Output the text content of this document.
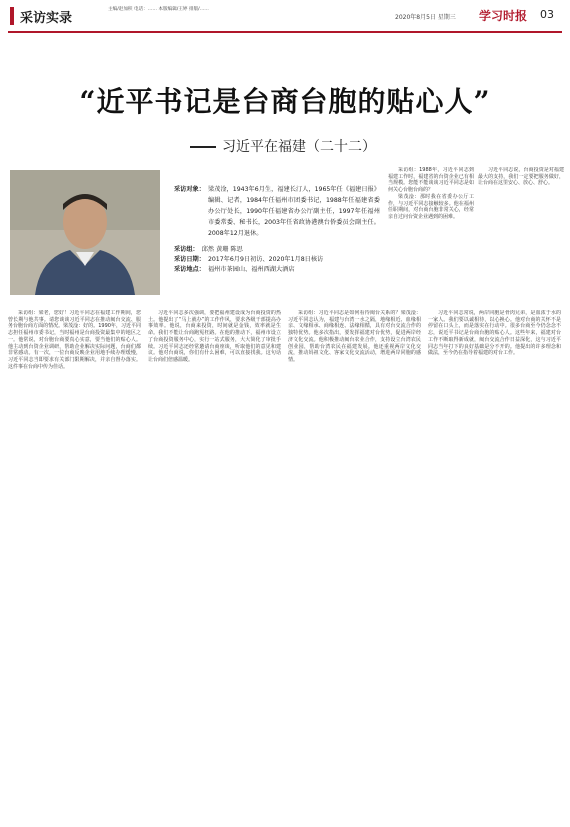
采访实录
主编/赵加积 电话：…… 本版编辑/王婷 排版/……
2020年8月5日 星期三 学习时报 03
“近平书记是台商台胞的贴心人”
习近平在福建（二十二）
采访对象： 梁茂淦，1943年6月生，福建长汀人，1965年任《福建日报》编辑、记者，1984年任福州市团委书记，1988年任福建省委办公厅处长，1990年任福建省办公厅副主任，1997年任福州市委常委、秘书长，2003年任省政协港澳台侨委员会副主任。2008年12月退休。
采访组： 邱然 黄珊 陈思
采访日期： 2017年6月9日初访、2020年1月8日核访
采访地点： 福州市茶园山、福州西湖大酒店

采访组：1988年，习近平同志到福建工作时，福建省的台资企业已有相当规模。您能不能谈谈习近平同志是如何关心台胞台商的？

梁茂淦：那时我在省委办公厅工作，与习近平同志接触较多。他在福州任职期间，对台商台胞非常关心，经常亲自过问台资企业遇到的困难。

习近平同志说，台商投资是对福建最大的支持，我们一定要把服务做好，让台商在这里安心、放心、舒心。

采访组：梁老，您好！习近平同志在福建工作期间，您曾长期与他共事。请您谈谈习近平同志在推动闽台交流、服务台胞台商方面的情况。梁茂淦：好的。1990年，习近平同志担任福州市委书记，当时福州是台商投资最集中的地区之一。他常说，对台胞台商要真心实意，要当他们的贴心人。他主动到台资企业调研，帮助企业解决实际问题，台商们都非常感动。有一次，一位台商反映企业用地手续办理缓慢，习近平同志当即要求有关部门限期解决，并亲自督办落实。这件事在台商中传为佳话。

习近平同志多次强调，要把福州建设成为台商投资的热土。他提出了“马上就办”的工作作风，要求各级干部提高办事效率。他说，台商来投资，时间就是金钱，效率就是生命。我们不能让台商跑冤枉路。在他的推动下，福州市设立了台商投资服务中心，实行一站式服务，大大简化了审批手续。习近平同志还经常邀请台商座谈，听取他们的意见和建议。他对台商说，你们有什么困难，可以直接找我。这句话让台商们倍感温暖。

采访组：习近平同志是如何看待闽台关系的？梁茂淦：习近平同志认为，福建与台湾一水之隔，地缘相近、血缘相亲、文缘相承、商缘相连、法缘相循，具有对台交流合作的独特优势。他多次指出，要发挥福建对台优势，促进两岸经济文化交流。他积极推动闽台农业合作，支持设立台湾农民创业园，帮助台湾农民在福建发展。他还重视两岸文化交流，推动妈祖文化、客家文化交流活动，增进两岸同胞的感情。

习近平同志常说，两岸同胞是骨肉兄弟，是血浓于水的一家人。我们要以诚相待，以心换心。他对台商的关怀不是停留在口头上，而是落实在行动中。很多台商至今仍念念不忘，说近平书记是台商台胞的贴心人。这些年来，福建对台工作不断取得新成就，闽台交流合作日益深化，这与习近平同志当年打下的良好基础是分不开的。他提出的许多理念和做法，至今仍在指导着福建的对台工作。
